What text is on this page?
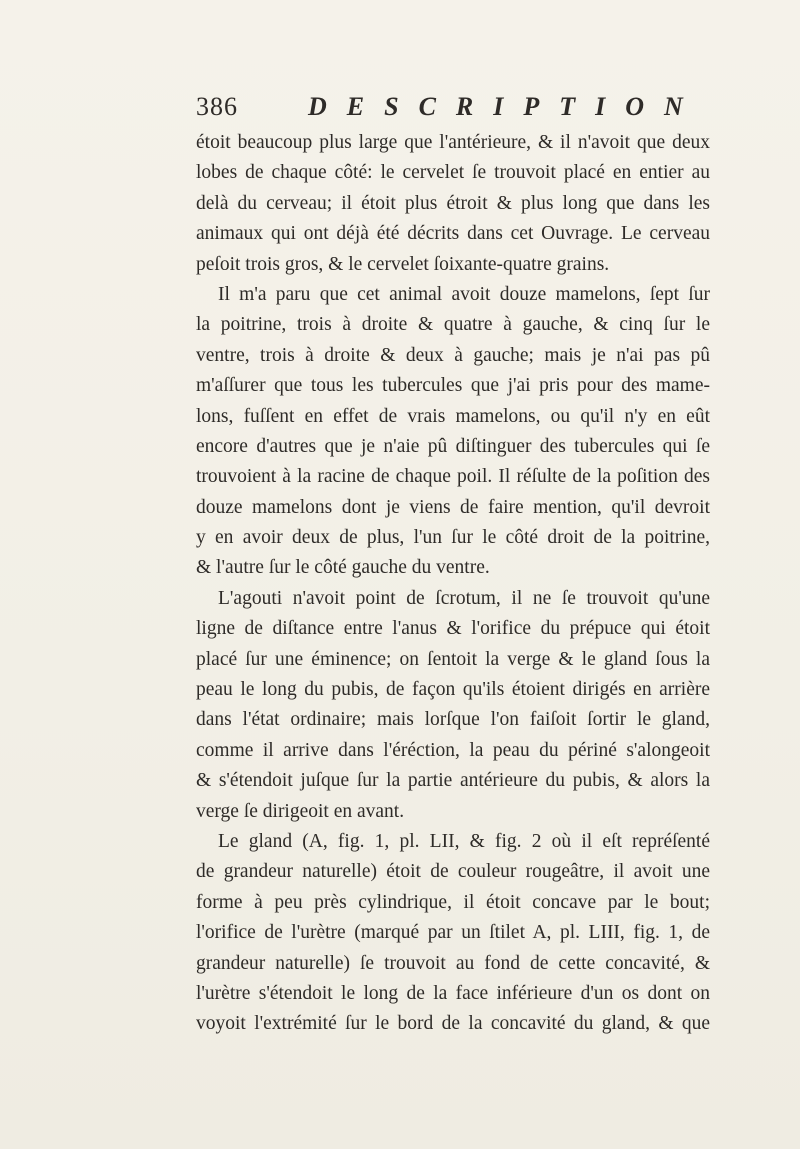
386	DESCRIPTION
étoit beaucoup plus large que l'antérieure, & il n'avoit que deux
lobes de chaque côté: le cervelet ſe trouvoit placé en entier au
delà du cerveau; il étoit plus étroit & plus long que dans les
animaux qui ont déjà été décrits dans cet Ouvrage. Le cerveau
peſoit trois gros, & le cervelet ſoixante-quatre grains.
Il m'a paru que cet animal avoit douze mamelons, ſept ſur
la poitrine, trois à droite & quatre à gauche, & cinq ſur le
ventre, trois à droite & deux à gauche; mais je n'ai pas pû
m'aſſurer que tous les tubercules que j'ai pris pour des mame-
lons, fuſſent en effet de vrais mamelons, ou qu'il n'y en eût
encore d'autres que je n'aie pû diſtinguer des tubercules qui ſe
trouvoient à la racine de chaque poil. Il réſulte de la poſition des
douze mamelons dont je viens de faire mention, qu'il devroit
y en avoir deux de plus, l'un ſur le côté droit de la poitrine,
& l'autre ſur le côté gauche du ventre.
L'agouti n'avoit point de ſcrotum, il ne ſe trouvoit qu'une
ligne de diſtance entre l'anus & l'orifice du prépuce qui étoit
placé ſur une éminence; on ſentoit la verge & le gland ſous la
peau le long du pubis, de façon qu'ils étoient dirigés en arrière
dans l'état ordinaire; mais lorſque l'on faiſoit ſortir le gland,
comme il arrive dans l'éréction, la peau du périné s'alongeoit
& s'étendoit juſque ſur la partie antérieure du pubis, & alors la
verge ſe dirigeoit en avant.
Le gland (A, fig. 1, pl. LII, & fig. 2 où il eſt repréſenté
de grandeur naturelle) étoit de couleur rougeâtre, il avoit une
forme à peu près cylindrique, il étoit concave par le bout;
l'orifice de l'urètre (marqué par un ſtilet A, pl. LIII, fig. 1, de
grandeur naturelle) ſe trouvoit au fond de cette concavité, &
l'urètre s'étendoit le long de la face inférieure d'un os dont on
voyoit l'extrémité ſur le bord de la concavité du gland, & que
